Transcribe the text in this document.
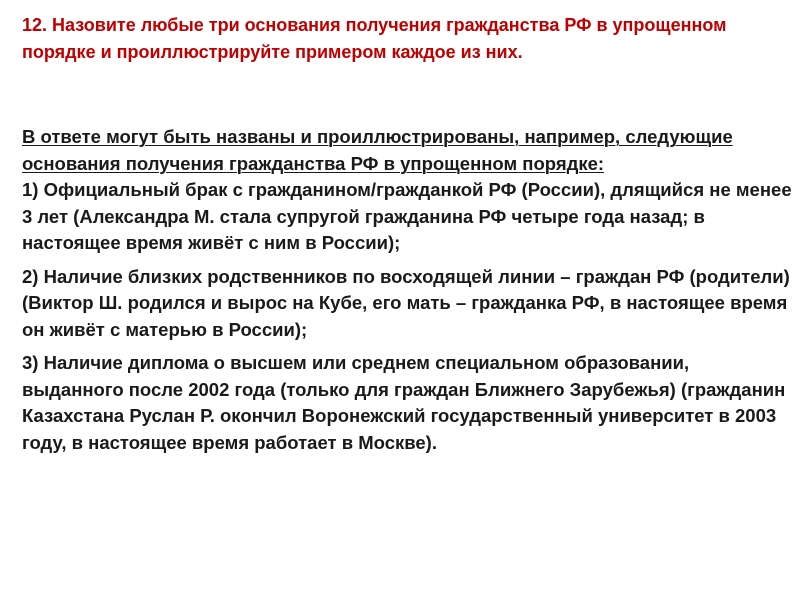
12. Назовите любые три основания получения гражданства РФ в упрощенном порядке и проиллюстрируйте примером каждое из них.

В ответе могут быть названы и проиллюстрированы, например, следующие основания получения гражданства РФ в упрощенном порядке:

1) Официальный брак с гражданином/гражданкой РФ (России), длящийся не менее 3 лет (Александра М. стала супругой гражданина РФ четыре года назад; в настоящее время живёт с ним в России);

2) Наличие близких родственников по восходящей линии – граждан РФ (родители) (Виктор Ш. родился и вырос на Кубе, его мать – гражданка РФ, в настоящее время он живёт с матерью в России);

3) Наличие диплома о высшем или среднем специальном образовании, выданного после 2002 года (только для граждан Ближнего Зарубежья) (гражданин Казахстана Руслан Р. окончил Воронежский государственный университет в 2003 году, в настоящее время работает в Москве).
